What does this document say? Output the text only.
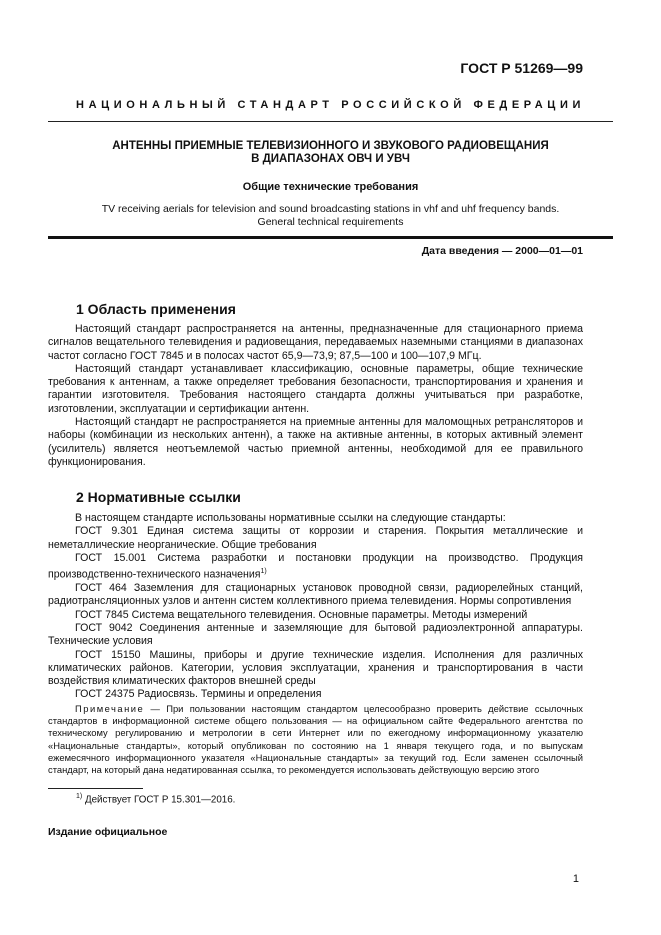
ГОСТ Р 51269—99
НАЦИОНАЛЬНЫЙ СТАНДАРТ РОССИЙСКОЙ ФЕДЕРАЦИИ
АНТЕННЫ ПРИЕМНЫЕ ТЕЛЕВИЗИОННОГО И ЗВУКОВОГО РАДИОВЕЩАНИЯ
В ДИАПАЗОНАХ ОВЧ И УВЧ
Общие технические требования
TV receiving aerials for television and sound broadcasting stations in vhf and uhf frequency bands.
General technical requirements
Дата введения — 2000—01—01
1 Область применения

Настоящий стандарт распространяется на антенны, предназначенные для стационарного приема сигналов вещательного телевидения и радиовещания, передаваемых наземными станциями в диапазонах частот согласно ГОСТ 7845 и в полосах частот 65,9—73,9; 87,5—100 и 100—107,9 МГц.

Настоящий стандарт устанавливает классификацию, основные параметры, общие технические требования к антеннам, а также определяет требования безопасности, транспортирования и хранения и гарантии изготовителя. Требования настоящего стандарта должны учитываться при разработке, изготовлении, эксплуатации и сертификации антенн.

Настоящий стандарт не распространяется на приемные антенны для маломощных ретрансляторов и наборы (комбинации из нескольких антенн), а также на активные антенны, в которых активный элемент (усилитель) является неотъемлемой частью приемной антенны, необходимой для ее правильного функционирования.

2 Нормативные ссылки

В настоящем стандарте использованы нормативные ссылки на следующие стандарты:

ГОСТ 9.301 Единая система защиты от коррозии и старения. Покрытия металлические и неметаллические неорганические. Общие требования

ГОСТ 15.001 Система разработки и постановки продукции на производство. Продукция производственно-технического назначения$^{1)}$

ГОСТ 464 Заземления для стационарных установок проводной связи, радиорелейных станций, радиотрансляционных узлов и антенн систем коллективного приема телевидения. Нормы сопротивления

ГОСТ 7845 Система вещательного телевидения. Основные параметры. Методы измерений

ГОСТ 9042 Соединения антенные и заземляющие для бытовой радиоэлектронной аппаратуры. Технические условия

ГОСТ 15150 Машины, приборы и другие технические изделия. Исполнения для различных климатических районов. Категории, условия эксплуатации, хранения и транспортирования в части воздействия климатических факторов внешней среды

ГОСТ 24375 Радиосвязь. Термины и определения

Примечание — При пользовании настоящим стандартом целесообразно проверить действие ссылочных стандартов в информационной системе общего пользования — на официальном сайте Федерального агентства по техническому регулированию и метрологии в сети Интернет или по ежегодному информационному указателю «Национальные стандарты», который опубликован по состоянию на 1 января текущего года, и по выпускам ежемесячного информационного указателя «Национальные стандарты» за текущий год. Если заменен ссылочный стандарт, на который дана недатированная ссылка, то рекомендуется использовать действующую версию этого

$^{1)}$ Действует ГОСТ Р 15.301—2016.
Издание официальное
1
